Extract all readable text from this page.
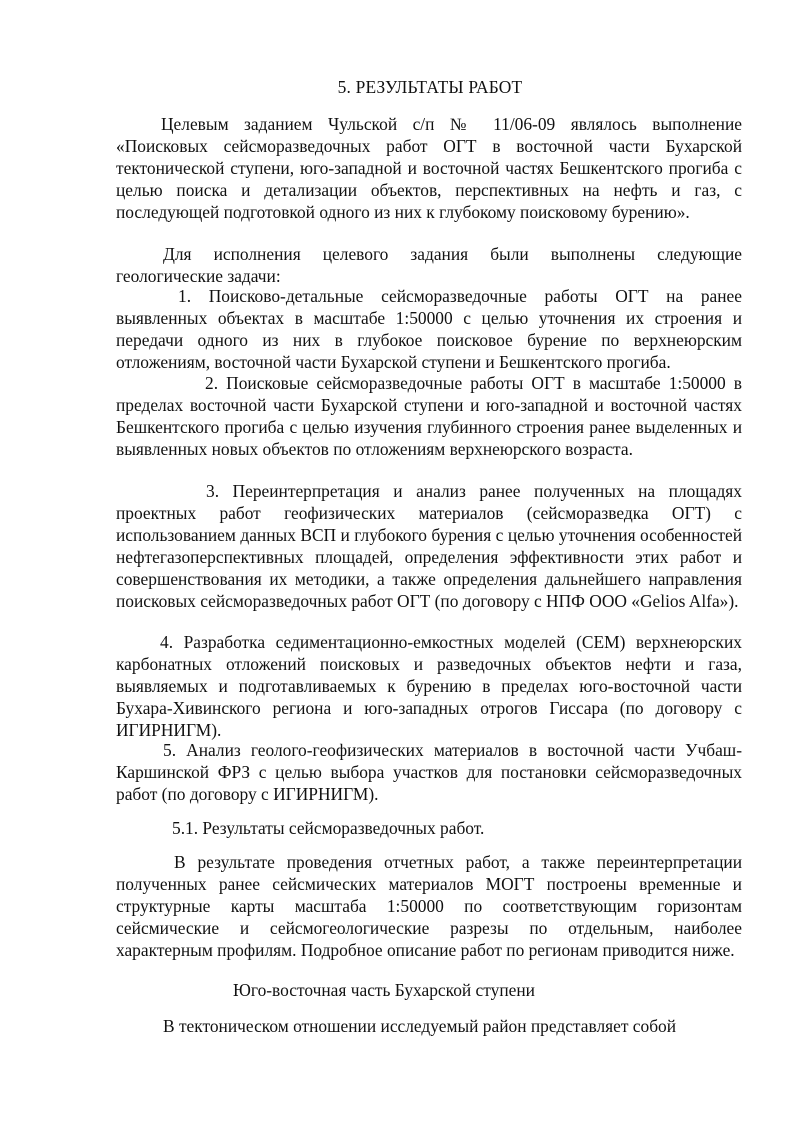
5. РЕЗУЛЬТАТЫ РАБОТ

Целевым заданием Чульской с/п № 11/06-09 являлось выполнение «Поисковых сейсморазведочных работ ОГТ в восточной части Бухарской тектонической ступени, юго-западной и восточной частях Бешкентского прогиба с целью поиска и детализации объектов, перспективных на нефть и газ, с последующей подготовкой одного из них к глубокому поисковому бурению».

Для исполнения целевого задания были выполнены следующие геологические задачи:

1. Поисково-детальные сейсморазведочные работы ОГТ на ранее выявленных объектах в масштабе 1:50000 с целью уточнения их строения и передачи одного из них в глубокое поисковое бурение по верхнеюрским отложениям, восточной части Бухарской ступени и Бешкентского прогиба.

2. Поисковые сейсморазведочные работы ОГТ в масштабе 1:50000 в пределах восточной части Бухарской ступени и юго-западной и восточной частях Бешкентского прогиба с целью изучения глубинного строения ранее выделенных и выявленных новых объектов по отложениям верхнеюрского возраста.

3. Переинтерпретация и анализ ранее полученных на площадях проектных работ геофизических материалов (сейсморазведка ОГТ) с использованием данных ВСП и глубокого бурения с целью уточнения особенностей нефтегазоперспективных площадей, определения эффективности этих работ и совершенствования их методики, а также определения дальнейшего направления поисковых сейсморазведочных работ ОГТ (по договору с НПФ ООО «Gelios Alfa»).

4. Разработка седиментационно-емкостных моделей (СЕМ) верхнеюрских карбонатных отложений поисковых и разведочных объектов нефти и газа, выявляемых и подготавливаемых к бурению в пределах юго-восточной части Бухара-Хивинского региона и юго-западных отрогов Гиссара (по договору с ИГИРНИГМ).

5. Анализ геолого-геофизических материалов в восточной части Учбаш-Каршинской ФРЗ с целью выбора участков для постановки сейсморазведочных работ (по договору с ИГИРНИГМ).

5.1. Результаты сейсморазведочных работ.

В результате проведения отчетных работ, а также переинтерпретации полученных ранее сейсмических материалов МОГТ построены временные и структурные карты масштаба 1:50000 по соответствующим горизонтам сейсмические и сейсмогеологические разрезы по отдельным, наиболее характерным профилям. Подробное описание работ по регионам приводится ниже.

Юго-восточная часть Бухарской ступени

В тектоническом отношении исследуемый район представляет собой
